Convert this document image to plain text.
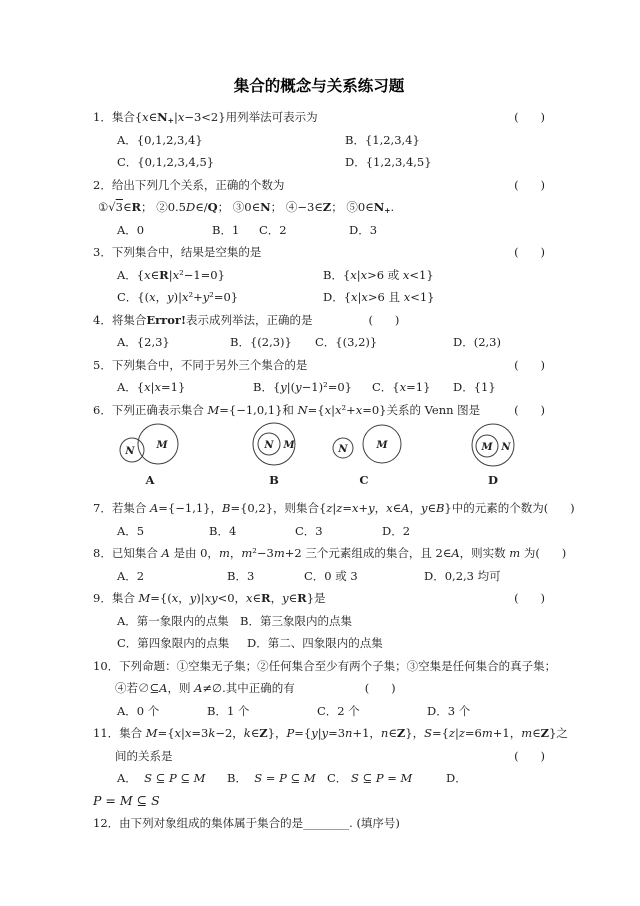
集合的概念与关系练习题
1．集合{x∈N+|x−3<2}用列举法可表示为	(      )
A．{0,1,2,3,4}	B．{1,2,3,4}
C．{0,1,2,3,4,5}	D．{1,2,3,4,5}
2．给出下列几个关系，正确的个数为	(      )
①√3∈R； ②0.5D∈/Q； ③0∈N； ④−3∈Z； ⑤0∈N+.
A．0	B．1	C．2	D．3
3．下列集合中，结果是空集的是	(      )
A．{x∈R|x²−1=0}	B．{x|x>6 或 x<1}
C．{(x，y)|x²+y²=0}	D．{x|x>6 且 x<1}
4．将集合Error!表示成列举法，正确的是	(      )
A．{2,3}	B．{(2,3)}	C．{(3,2)}	D．(2,3)
5．下列集合中，不同于另外三个集合的是	(      )
A．{x|x=1}	B．{y|(y−1)²=0}	C．{x=1}	D．{1}
6．下列正确表示集合 M={−1,0,1}和 N={x|x²+x=0}关系的 Venn 图是	(      )
N
M
A
N M
B
N	M
C
M N
D
7．若集合 A={−1,1}，B={0,2}，则集合{z|z=x+y，x∈A，y∈B}中的元素的个数为 (      )
A．5	B．4	C．3	D．2
8．已知集合 A 是由 0，m，m²−3m+2 三个元素组成的集合，且 2∈A，则实数 m 为 (      )
A．2	B．3	C．0 或 3	D．0,2,3 均可
9．集合 M={(x，y)|xy<0，x∈R，y∈R}是	(      )
A．第一象限内的点集 B．第三象限内的点集
C．第四象限内的点集	D．第二、四象限内的点集
10．下列命题：①空集无子集；②任何集合至少有两个子集；③空集是任何集合的真子集；
④若∅⊆A，则 A≠∅.其中正确的有	(      )
A．0 个	B．1 个	C．2 个	D．3 个
11．集合 M={x|x=3k−2，k∈Z}，P={y|y=3n+1，n∈Z}，S={z|z=6m+1，m∈Z}之
间的关系是	(      )
A．  S ⊆ P ⊆ M	B．  S = P ⊆ M C． S ⊆ P = M	D．
P = M ⊆ S
12．由下列对象组成的集体属于集合的是________. (填序号)
